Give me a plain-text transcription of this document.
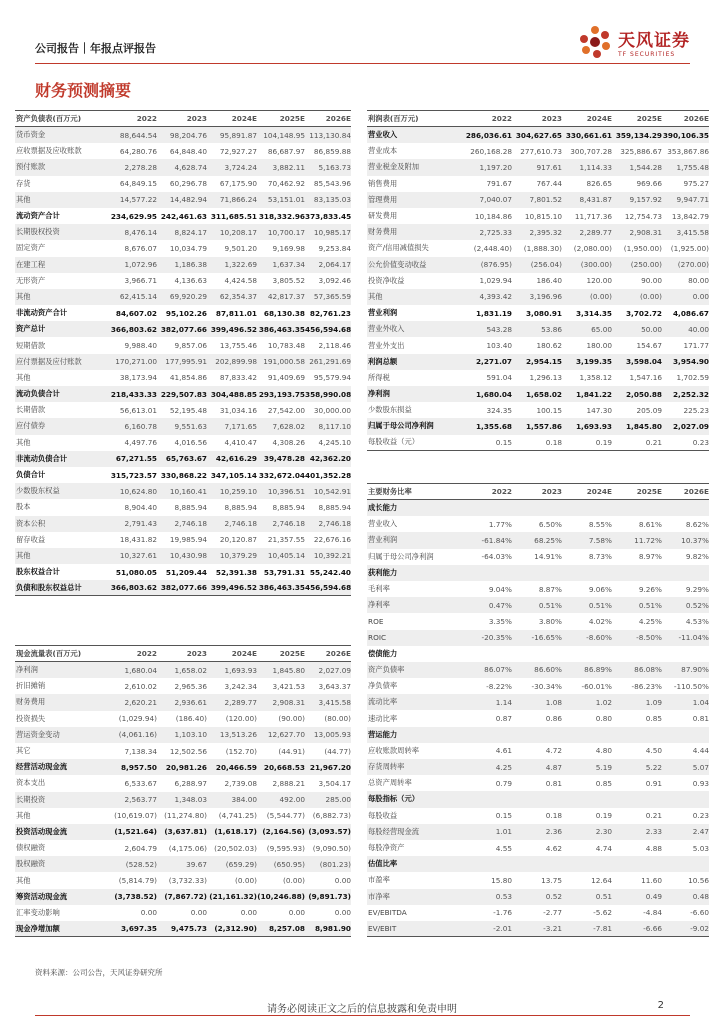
公司报告｜年报点评报告	天风证券
TF SECURITIES
财务预测摘要
资产负债表(百万元)	2022	2023	2024E	2025E	2026E
货币资金	88,644.54	98,204.76	95,891.87 104,148.95 113,130.84
应收票据及应收账款	64,280.76	64,848.40	72,927.27	86,687.97	86,859.88
预付账款	2,278.28	4,628.74	3,724.24	3,882.11	5,163.73
存货	64,849.15	60,296.78	67,175.90	70,462.92	85,543.96
其他	14,577.22	14,482.94	71,866.24	53,151.01	83,135.03
流动资产合计	234,629.95 242,461.63 311,685.51 318,332.96 373,833.45
长期股权投资	8,476.14	8,824.17	10,208.17	10,700.17	10,985.17
固定资产	8,676.07	10,034.79	9,501.20	9,169.98	9,253.84
在建工程	1,072.96	1,186.38	1,322.69	1,637.34	2,064.17
无形资产	3,966.71	4,136.63	4,424.58	3,805.52	3,092.46
其他	62,415.14	69,920.29	62,354.37	42,817.37	57,365.59
非流动资产合计	84,607.02	95,102.26	87,811.01 68,130.38 82,761.23
资产总计	366,803.62 382,077.66 399,496.52 386,463.35 456,594.68
短期借款	9,988.40	9,857.06	13,755.46	10,783.48	2,118.46
应付票据及应付账款	170,271.00	177,995.91	202,899.98 191,000.58 261,291.69
其他	38,173.94	41,854.86	87,833.42	91,409.69	95,579.94
流动负债合计	218,433.33 229,507.83 304,488.85 293,193.75 358,990.08
长期借款	56,613.01	52,195.48	31,034.16	27,542.00	30,000.00
应付债券	6,160.78	9,551.63	7,171.65	7,628.02	8,117.10
其他	4,497.76	4,016.56	4,410.47	4,308.26	4,245.10
非流动负债合计	67,271.55	65,763.67	42,616.29 39,478.28 42,362.20
负债合计	315,723.57 330,868.22 347,105.14 332,672.04 401,352.28
少数股东权益	10,624.80	10,160.41	10,259.10	10,396.51	10,542.91
股本	8,904.40	8,885.94	8,885.94	8,885.94	8,885.94
资本公积	2,791.43	2,746.18	2,746.18	2,746.18	2,746.18
留存收益	18,431.82	19,985.94	20,120.87	21,357.55	22,676.16
其他	10,327.61	10,430.98	10,379.29	10,405.14	10,392.21
股东权益合计	51,080.05	51,209.44	52,391.38 53,791.31 55,242.40
负债和股东权益总计	366,803.62 382,077.66 399,496.52 386,463.35 456,594.68
利润表(百万元)	2022	2023	2024E	2025E	2026E
营业收入	286,036.61 304,627.65 330,661.61 359,134.29 390,106.35
营业成本	260,168.28	277,610.73	300,707.28	325,886.67 353,867.86
营业税金及附加	1,197.20	917.61	1,114.33	1,544.28	1,755.48
销售费用	791.67	767.44	826.65	969.66	975.27
管理费用	7,040.07	7,801.52	8,431.87	9,157.92	9,947.71
研发费用	10,184.86	10,815.10	11,717.36	12,754.73	13,842.79
财务费用	2,725.33	2,395.32	2,289.77	2,908.31	3,415.58
资产/信用减值损失	(2,448.40)	(1,888.30)	(2,080.00)	(1,950.00)	(1,925.00)
公允价值变动收益	(876.95)	(256.04)	(300.00)	(250.00)	(270.00)
投资净收益	1,029.94	186.40	120.00	90.00	80.00
其他	4,393.42	3,196.96	(0.00)	(0.00)	0.00
营业利润	1,831.19	3,080.91	3,314.35	3,702.72	4,086.67
营业外收入	543.28	53.86	65.00	50.00	40.00
营业外支出	103.40	180.62	180.00	154.67	171.77
利润总额	2,271.07	2,954.15	3,199.35	3,598.04	3,954.90
所得税	591.04	1,296.13	1,358.12	1,547.16	1,702.59
净利润	1,680.04	1,658.02	1,841.22	2,050.88	2,252.32
少数股东损益	324.35	100.15	147.30	205.09	225.23
归属于母公司净利润	1,355.68	1,557.86	1,693.93	1,845.80	2,027.09
每股收益（元）	0.15	0.18	0.19	0.21	0.23
主要财务比率	2022	2023	2024E	2025E	2026E
成长能力
营业收入	1.77%	6.50%	8.55%	8.61%	8.62%
营业利润	-61.84%	68.25%	7.58%	11.72%	10.37%
归属于母公司净利润	-64.03%	14.91%	8.73%	8.97%	9.82%
获利能力
毛利率	9.04%	8.87%	9.06%	9.26%	9.29%
净利率	0.47%	0.51%	0.51%	0.51%	0.52%
ROE	3.35%	3.80%	4.02%	4.25%	4.53%
ROIC	-20.35%	-16.65%	-8.60%	-8.50%	-11.04%
偿债能力
资产负债率	86.07%	86.60%	86.89%	86.08%	87.90%
净负债率	-8.22%	-30.34%	-60.01%	-86.23%	-110.50%
流动比率	1.14	1.08	1.02	1.09	1.04
速动比率	0.87	0.86	0.80	0.85	0.81
营运能力
应收账款周转率	4.61	4.72	4.80	4.50	4.44
存货周转率	4.25	4.87	5.19	5.22	5.07
总资产周转率	0.79	0.81	0.85	0.91	0.93
每股指标（元）
每股收益	0.15	0.18	0.19	0.21	0.23
每股经营现金流	1.01	2.36	2.30	2.33	2.47
每股净资产	4.55	4.62	4.74	4.88	5.03
估值比率
市盈率	15.80	13.75	12.64	11.60	10.56
市净率	0.53	0.52	0.51	0.49	0.48
EV/EBITDA	-1.76	-2.77	-5.62	-4.84	-6.60
EV/EBIT	-2.01	-3.21	-7.81	-6.66	-9.02
现金流量表(百万元)	2022	2023	2024E	2025E	2026E
净利润	1,680.04	1,658.02	1,693.93	1,845.80	2,027.09
折旧摊销	2,610.02	2,965.36	3,242.34	3,421.53	3,643.37
财务费用	2,620.21	2,936.61	2,289.77	2,908.31	3,415.58
投资损失	(1,029.94)	(186.40)	(120.00)	(90.00)	(80.00)
营运资金变动	(4,061.16)	1,103.10	13,513.26	12,627.70	13,005.93
其它	7,138.34	12,502.56	(152.70)	(44.91)	(44.77)
经营活动现金流	8,957.50	20,981.26	20,466.59 20,668.53 21,967.20
资本支出	6,533.67	6,288.97	2,739.08	2,888.21	3,504.17
长期投资	2,563.77	1,348.03	384.00	492.00	285.00
其他	(10,619.07) (11,274.80)	(4,741.25)	(5,544.77)	(6,882.73)
投资活动现金流	(1,521.64)	(3,637.81)	(1,618.17) (2,164.56) (3,093.57)
债权融资	2,604.79	(4,175.06) (20,502.03)	(9,595.93)	(9,090.50)
股权融资	(528.52)	39.67	(659.29)	(650.95)	(801.23)
其他	(5,814.79)	(3,732.33)	(0.00)	(0.00)	0.00
筹资活动现金流	(3,738.52)	(7,867.72) (21,161.32) (10,246.88) (9,891.73)
汇率变动影响	0.00	0.00	0.00	0.00	0.00
现金净增加额	3,697.35	9,475.73	(2,312.90)	8,257.08	8,981.90
资料来源：公司公告，天风证券研究所
请务必阅读正文之后的信息披露和免责申明	2
